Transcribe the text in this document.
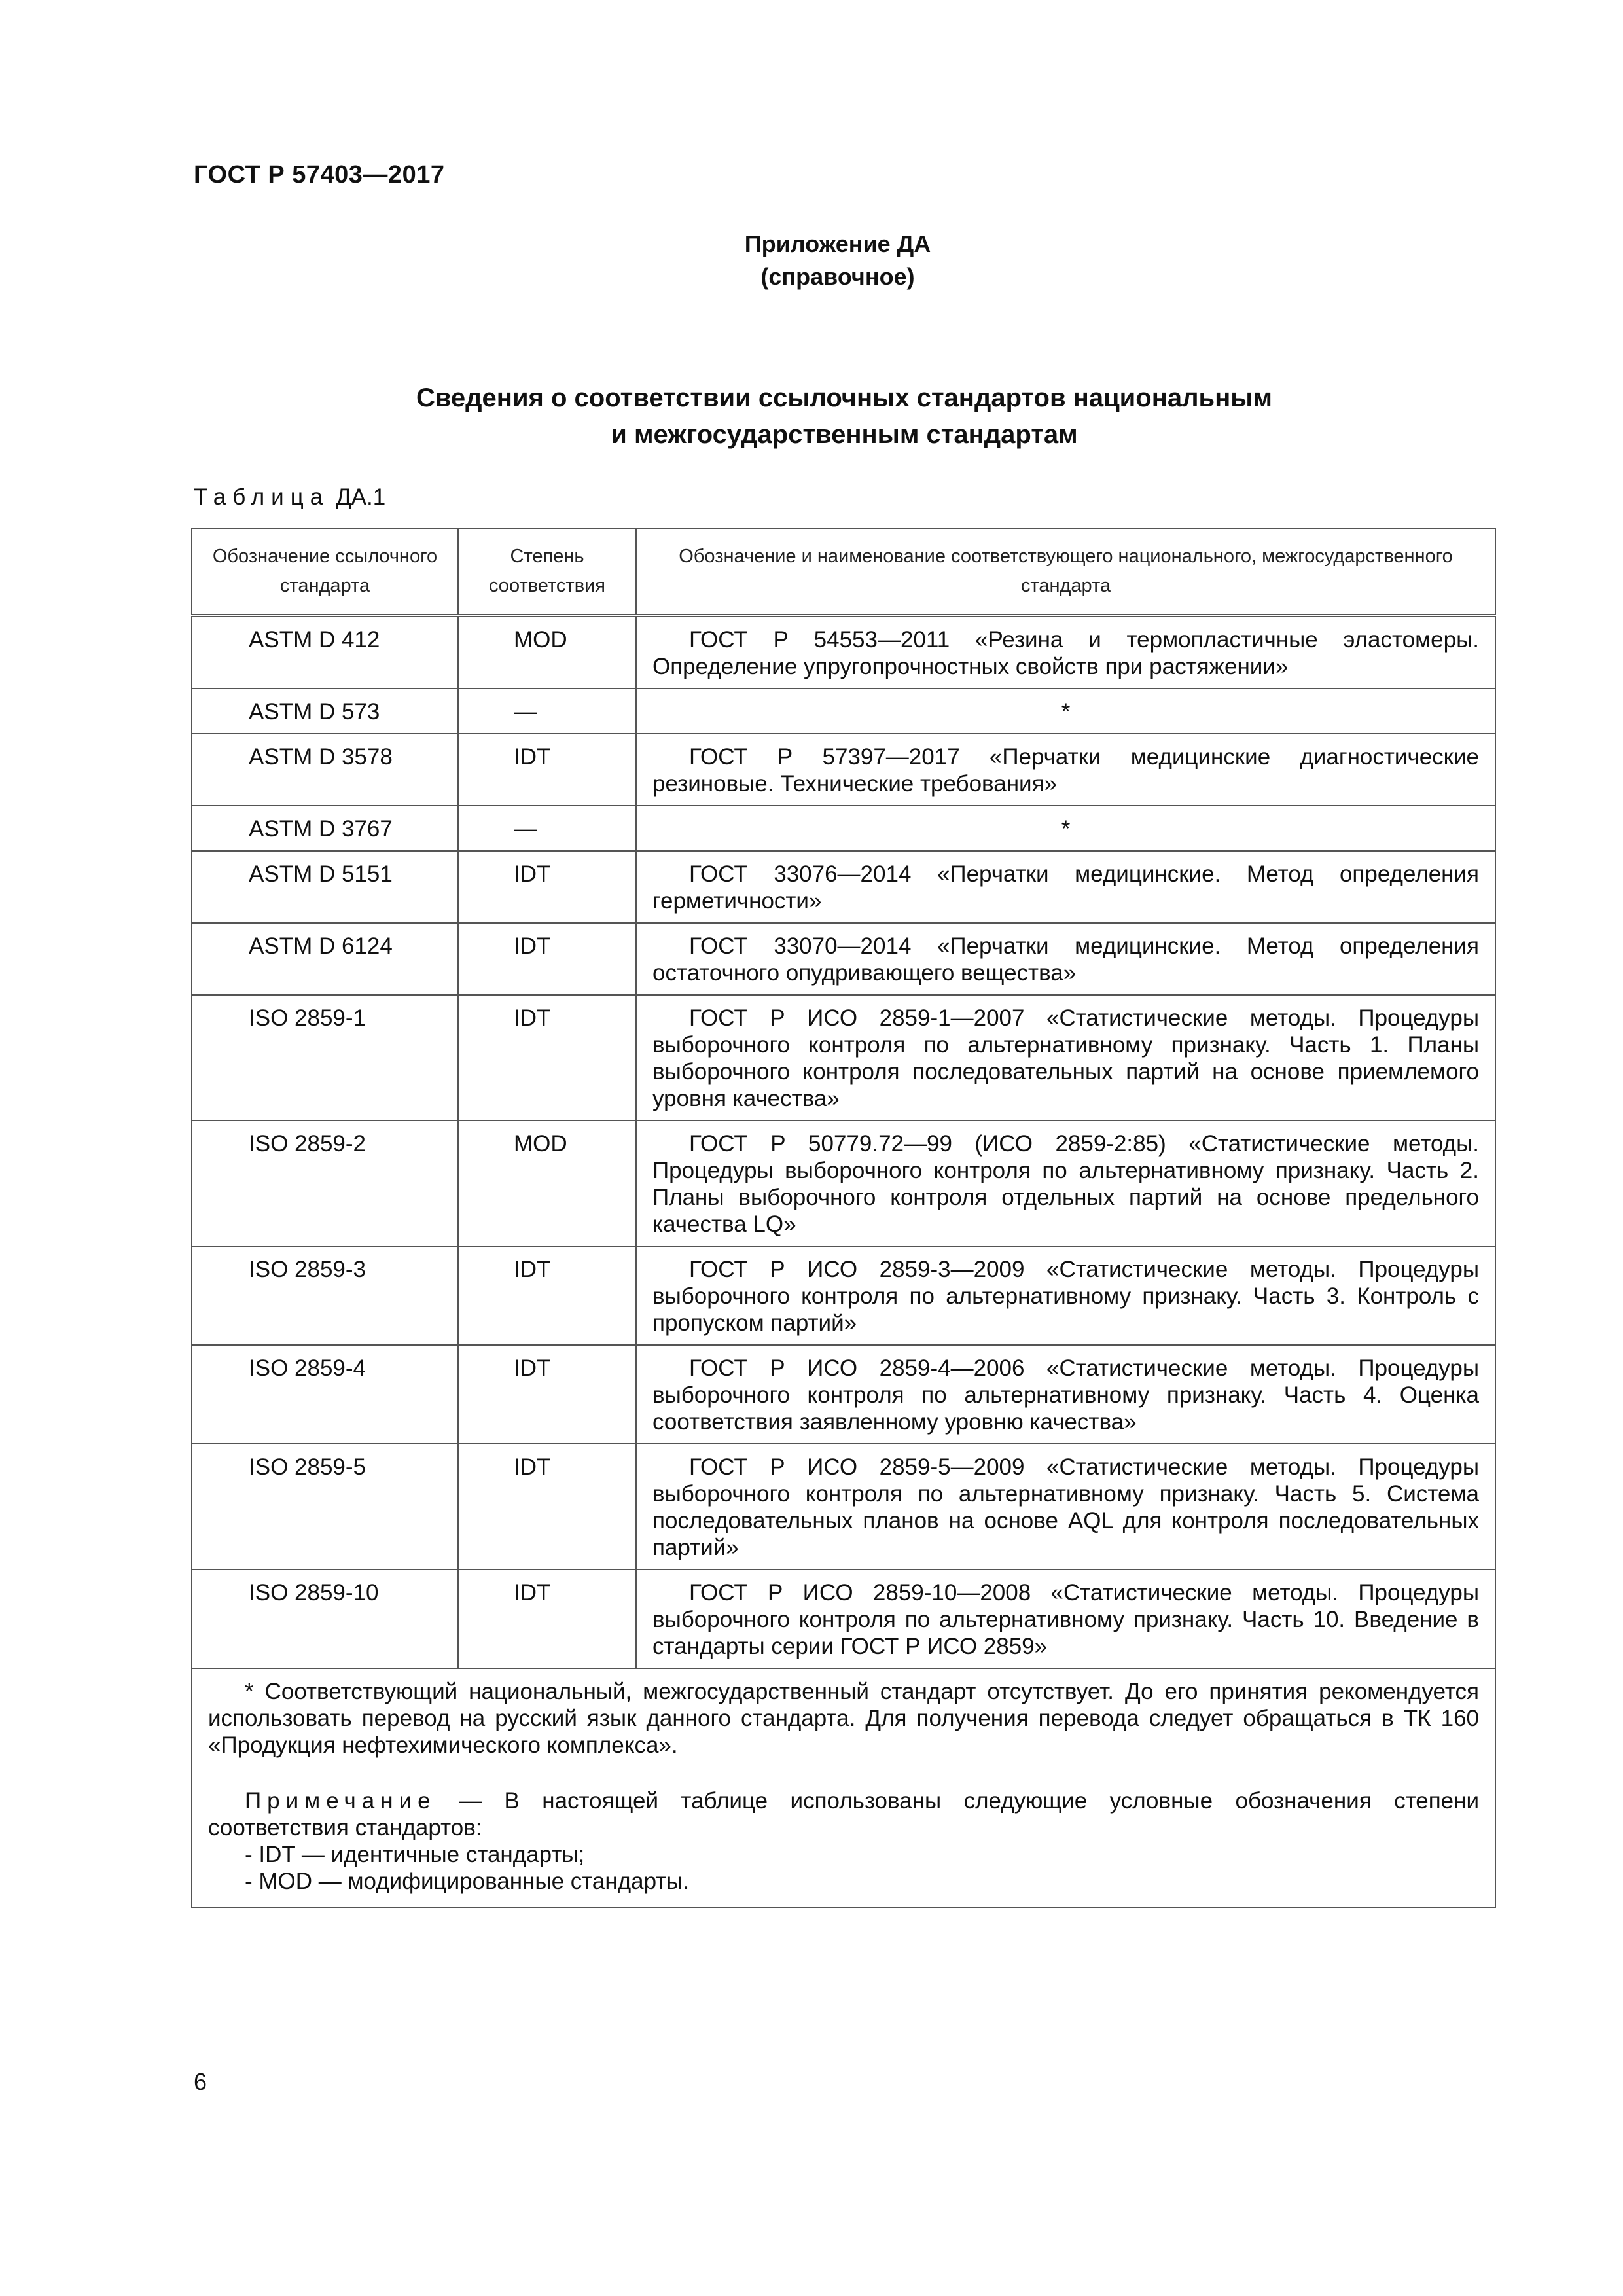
ГОСТ Р 57403—2017
Приложение ДА
(справочное)
Сведения о соответствии ссылочных стандартов национальным
и межгосударственным стандартам
Таблица ДА.1
Обозначение ссылочного стандарта	Степень соответствия	Обозначение и наименование соответствующего национального, межгосударственного стандарта
ASTM D 412	MOD	ГОСТ Р 54553—2011 «Резина и термопластичные эластомеры. Определение упругопрочностных свойств при растяжении»
ASTM D 573	—	*
ASTM D 3578	IDT	ГОСТ Р 57397—2017 «Перчатки медицинские диагностические резиновые. Технические требования»
ASTM D 3767	—	*
ASTM D 5151	IDT	ГОСТ 33076—2014 «Перчатки медицинские. Метод определения герметичности»
ASTM D 6124	IDT	ГОСТ 33070—2014 «Перчатки медицинские. Метод определения остаточного опудривающего вещества»
ISO 2859-1	IDT	ГОСТ Р ИСО 2859-1—2007 «Статистические методы. Процедуры выборочного контроля по альтернативному признаку. Часть 1. Планы выборочного контроля последовательных партий на основе приемлемого уровня качества»
ISO 2859-2	MOD	ГОСТ Р 50779.72—99 (ИСО 2859-2:85) «Статистические методы. Процедуры выборочного контроля по альтернативному признаку. Часть 2. Планы выборочного контроля отдельных партий на основе предельного качества LQ»
ISO 2859-3	IDT	ГОСТ Р ИСО 2859-3—2009 «Статистические методы. Процедуры выборочного контроля по альтернативному признаку. Часть 3. Контроль с пропуском партий»
ISO 2859-4	IDT	ГОСТ Р ИСО 2859-4—2006 «Статистические методы. Процедуры выборочного контроля по альтернативному признаку. Часть 4. Оценка соответствия заявленному уровню качества»
ISO 2859-5	IDT	ГОСТ Р ИСО 2859-5—2009 «Статистические методы. Процедуры выборочного контроля по альтернативному признаку. Часть 5. Система последовательных планов на основе AQL для контроля последовательных партий»
ISO 2859-10	IDT	ГОСТ Р ИСО 2859-10—2008 «Статистические методы. Процедуры выборочного контроля по альтернативному признаку. Часть 10. Введение в стандарты серии ГОСТ Р ИСО 2859»

* Соответствующий национальный, межгосударственный стандарт отсутствует. До его принятия рекомендуется использовать перевод на русский язык данного стандарта. Для получения перевода следует обращаться в ТК 160 «Продукция нефтехимического комплекса».

Примечание — В настоящей таблице использованы следующие условные обозначения степени соответствия стандартов:

- IDT — идентичные стандарты;
- MOD — модифицированные стандарты.		
6
